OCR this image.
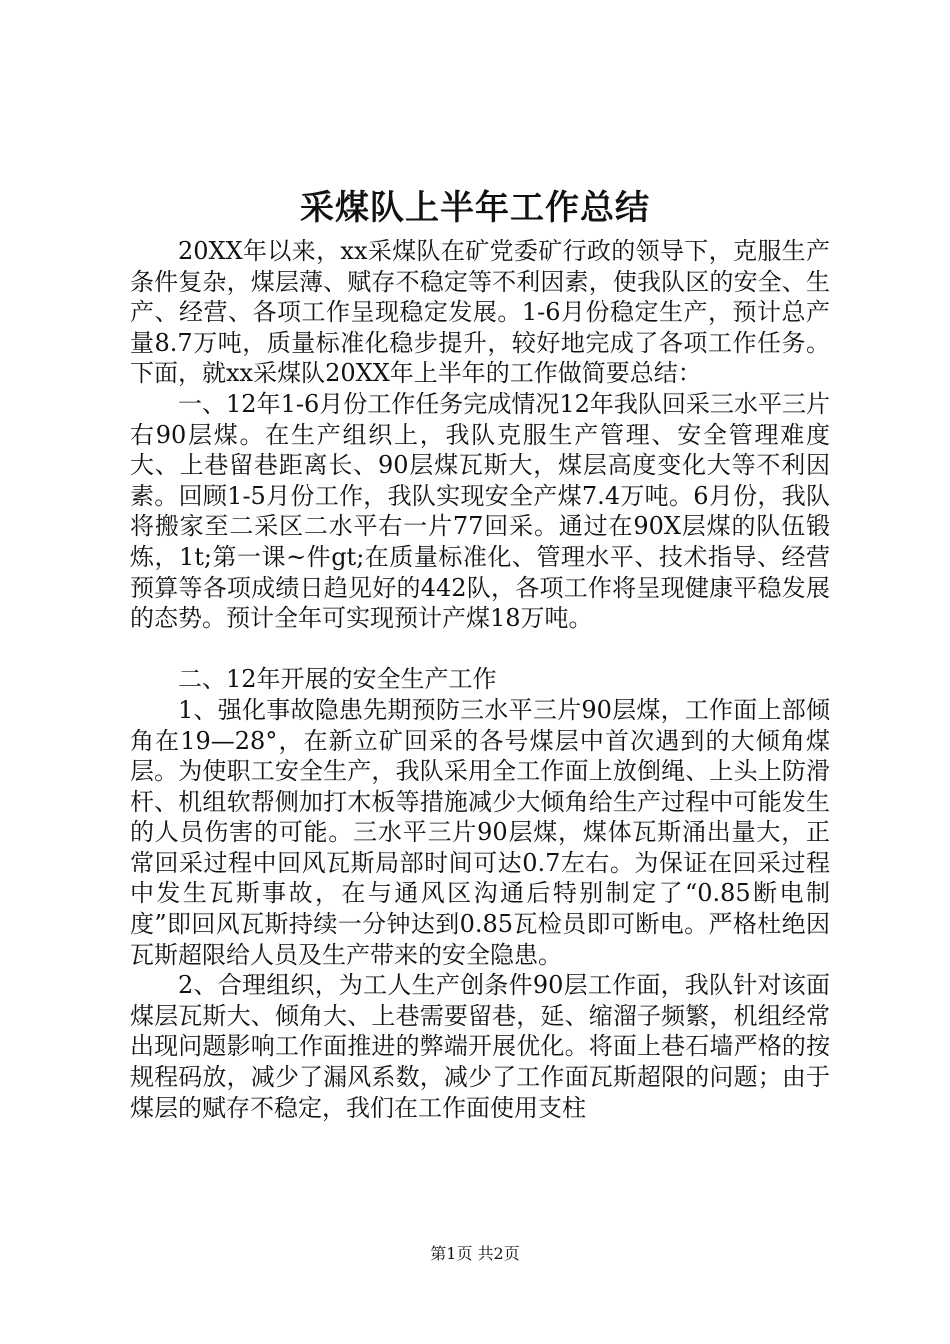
采煤队上半年工作总结

20XX年以来，xx采煤队在矿党委矿行政的领导下，克服生产条件复杂，煤层薄、赋存不稳定等不利因素，使我队区的安全、生产、经营、各项工作呈现稳定发展。1-6月份稳定生产，预计总产量8.7万吨，质量标准化稳步提升，较好地完成了各项工作任务。下面，就xx采煤队20XX年上半年的工作做简要总结：

一、12年1-6月份工作任务完成情况12年我队回采三水平三片右90层煤。在生产组织上，我队克服生产管理、安全管理难度大、上巷留巷距离长、90层煤瓦斯大，煤层高度变化大等不利因素。回顾1-5月份工作，我队实现安全产煤7.4万吨。6月份，我队将搬家至二采区二水平右一片77回采。通过在90X层煤的队伍锻炼，1t;第一课~件gt;在质量标准化、管理水平、技术指导、经营预算等各项成绩日趋见好的442队，各项工作将呈现健康平稳发展的态势。预计全年可实现预计产煤18万吨。

二、12年开展的安全生产工作

1、强化事故隐患先期预防三水平三片90层煤，工作面上部倾角在19—28°，在新立矿回采的各号煤层中首次遇到的大倾角煤层。为使职工安全生产，我队采用全工作面上放倒绳、上头上防滑杆、机组软帮侧加打木板等措施减少大倾角给生产过程中可能发生的人员伤害的可能。三水平三片90层煤，煤体瓦斯涌出量大，正常回采过程中回风瓦斯局部时间可达0.7左右。为保证在回采过程中发生瓦斯事故，在与通风区沟通后特别制定了“0.85断电制度”即回风瓦斯持续一分钟达到0.85瓦检员即可断电。严格杜绝因瓦斯超限给人员及生产带来的安全隐患。

2、合理组织，为工人生产创条件90层工作面，我队针对该面煤层瓦斯大、倾角大、上巷需要留巷，延、缩溜子频繁，机组经常出现问题影响工作面推进的弊端开展优化。将面上巷石墙严格的按规程码放，减少了漏风系数，减少了工作面瓦斯超限的问题；由于煤层的赋存不稳定，我们在工作面使用支柱

第1页 共2页
